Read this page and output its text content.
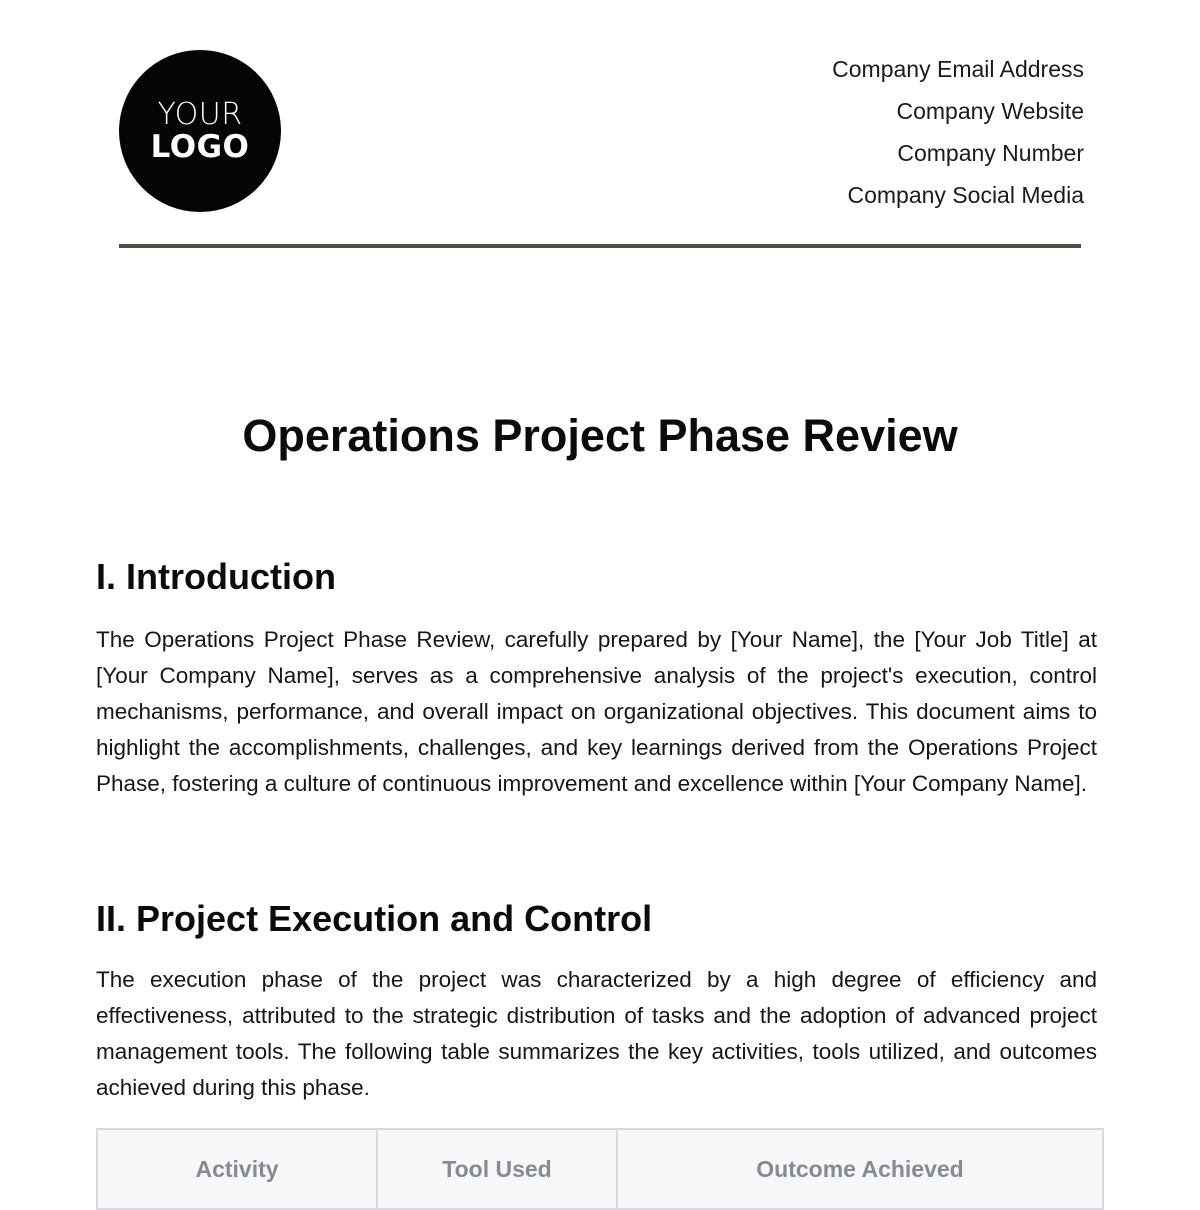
YOUR
LOGO
Company Email Address
Company Website
Company Number
Company Social Media
Operations Project Phase Review
I. Introduction

The Operations Project Phase Review, carefully prepared by [Your Name], the [Your Job Title] at [Your Company Name], serves as a comprehensive analysis of the project's execution, control mechanisms, performance, and overall impact on organizational objectives. This document aims to highlight the accomplishments, challenges, and key learnings derived from the Operations Project Phase, fostering a culture of continuous improvement and excellence within [Your Company Name].

II. Project Execution and Control

The execution phase of the project was characterized by a high degree of efficiency and effectiveness, attributed to the strategic distribution of tasks and the adoption of advanced project management tools. The following table summarizes the key activities, tools utilized, and outcomes achieved during this phase.

Activity	Tool Used	Outcome Achieved
